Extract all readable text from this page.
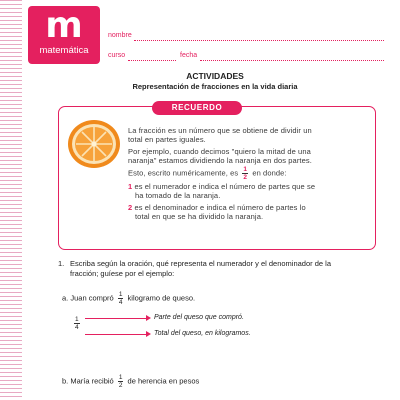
m
matemática
3º básico
nombre
curso	fecha
ACTIVIDADES
Representación de fracciones en la vida diaria
RECUERDO
La fracción es un número que se obtiene de dividir un
total en partes iguales.
Por ejemplo, cuando decimos "quiero la mitad de una
naranja" estamos dividiendo la naranja en dos partes.
Esto, escrito numéricamente, es $\frac{1}{2}$ en donde:
1 es el numerador e indica el número de partes que se
ha tomado de la naranja.
2 es el denominador e indica el número de partes lo
total en que se ha dividido la naranja.
1. Escriba según la oración, qué representa el numerador y el denominador de la
fracción; guíese por el ejemplo:
a. Juan compró $\frac{1}{4}$ kilogramo de queso.
$\frac{1}{4}$	Parte del queso que compró.
Total del queso, en kilogramos.
b. María recibió $\frac{1}{2}$ de herencia en pesos
